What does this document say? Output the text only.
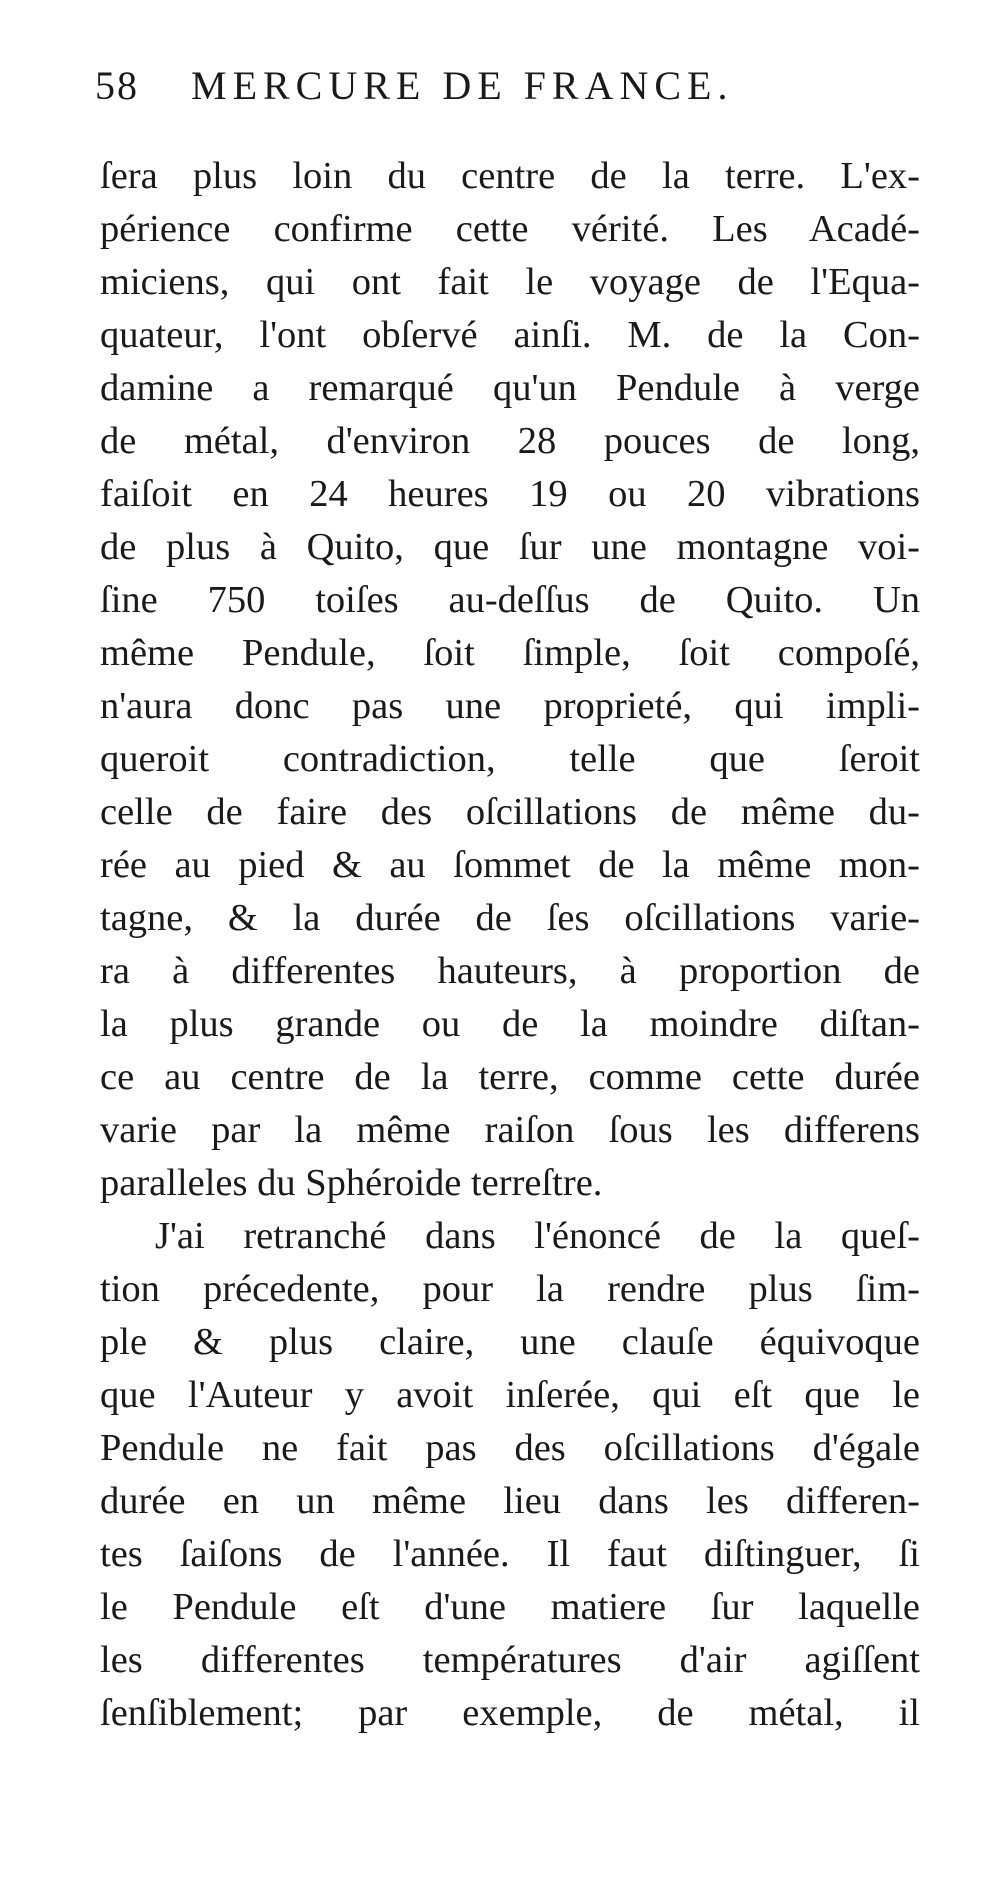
58 MERCURE DE FRANCE.
ſera plus loin du centre de la terre. L'ex-
périence confirme cette vérité. Les Acadé-
miciens, qui ont fait le voyage de l'Equa-
quateur, l'ont obſervé ainſi. M. de la Con-
damine a remarqué qu'un Pendule à verge
de métal, d'environ 28 pouces de long,
faiſoit en 24 heures 19 ou 20 vibrations
de plus à Quito, que ſur une montagne voi-
ſine 750 toiſes au-deſſus de Quito. Un
même Pendule, ſoit ſimple, ſoit compoſé,
n'aura donc pas une proprieté, qui impli-
queroit contradiction, telle que ſeroit
celle de faire des oſcillations de même du-
rée au pied & au ſommet de la même mon-
tagne, & la durée de ſes oſcillations varie-
ra à differentes hauteurs, à proportion de
la plus grande ou de la moindre diſtan-
ce au centre de la terre, comme cette durée
varie par la même raiſon ſous les differens
paralleles du Sphéroide terreſtre.
J'ai retranché dans l'énoncé de la queſ-
tion précedente, pour la rendre plus ſim-
ple & plus claire, une clauſe équivoque
que l'Auteur y avoit inſerée, qui eſt que le
Pendule ne fait pas des oſcillations d'égale
durée en un même lieu dans les differen-
tes ſaiſons de l'année. Il faut diſtinguer, ſi
le Pendule eſt d'une matiere ſur laquelle
les differentes températures d'air agiſſent
ſenſiblement; par exemple, de métal, il
